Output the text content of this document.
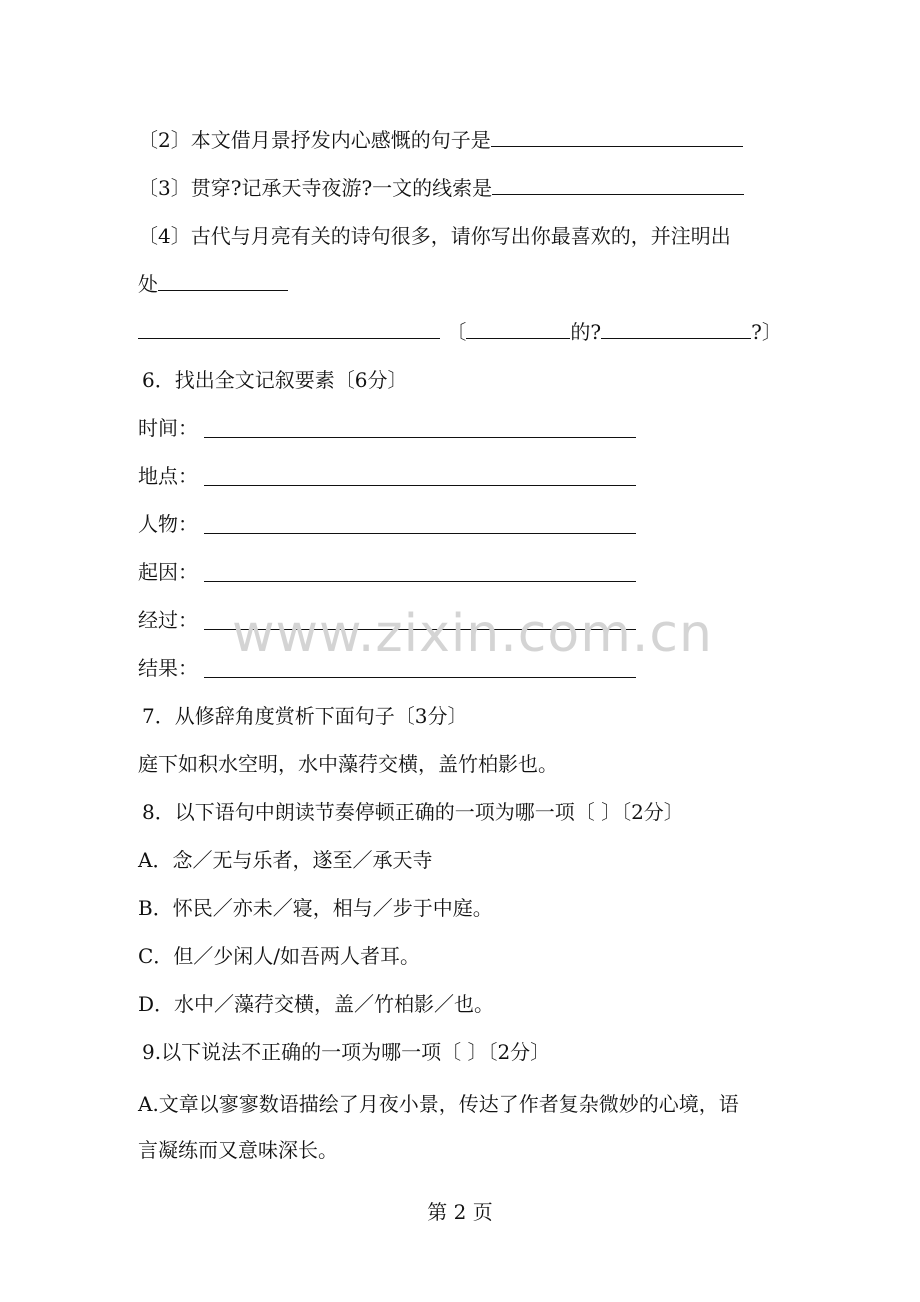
〔2〕本文借月景抒发内心感慨的句子是
〔3〕贯穿?记承天寺夜游?一文的线索是
〔4〕古代与月亮有关的诗句很多，请你写出你最喜欢的，并注明出
处
〔	的?	?〕
6．找出全文记叙要素〔6分〕
时间：
地点：
人物：
起因：
经过：
结果：
7．从修辞角度赏析下面句子〔3分〕
庭下如积水空明，水中藻荇交横，盖竹柏影也。
8．以下语句中朗读节奏停顿正确的一项为哪一项〔 〕〔2分〕
A．念／无与乐者，遂至／承天寺
B．怀民／亦未／寝，相与／步于中庭。
C．但／少闲人/如吾两人者耳。
D．水中／藻荇交横，盖／竹柏影／也。
9.以下说法不正确的一项为哪一项〔 〕〔2分〕
A.文章以寥寥数语描绘了月夜小景，传达了作者复杂微妙的心境，语
言凝练而又意味深长。
www.zixin.com.cn
第 2 页
